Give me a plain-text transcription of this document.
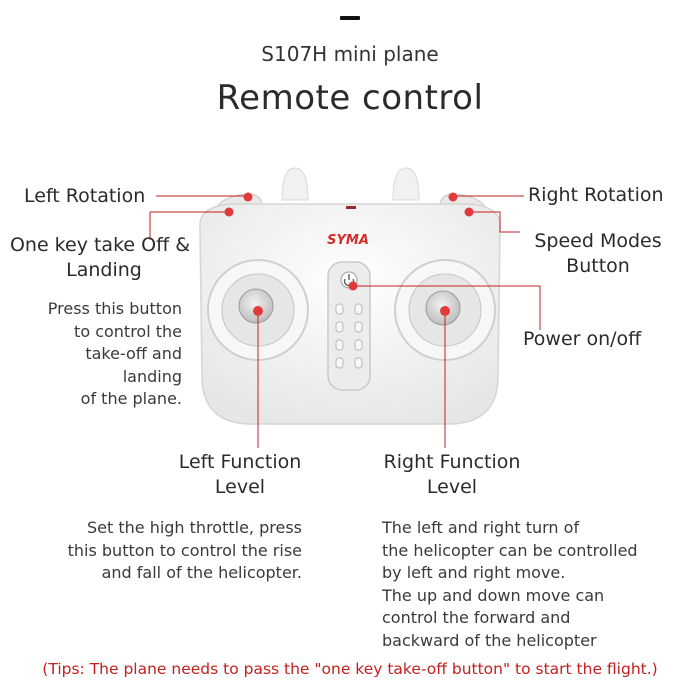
S107H mini plane
Remote control
SYMA
Left Rotation	Right Rotation
One key take Off &
Landing
Speed Modes
Button
Power on/off
Press this button
to control the
take-off and
landing
of the plane.
Left Function
Level
Right Function
Level
Set the high throttle, press
this button to control the rise
and fall of the helicopter.
The left and right turn of
the helicopter can be controlled
by left and right move.
The up and down move can
control the forward and
backward of the helicopter
(Tips: The plane needs to pass the "one key take-off button" to start the flight.)
